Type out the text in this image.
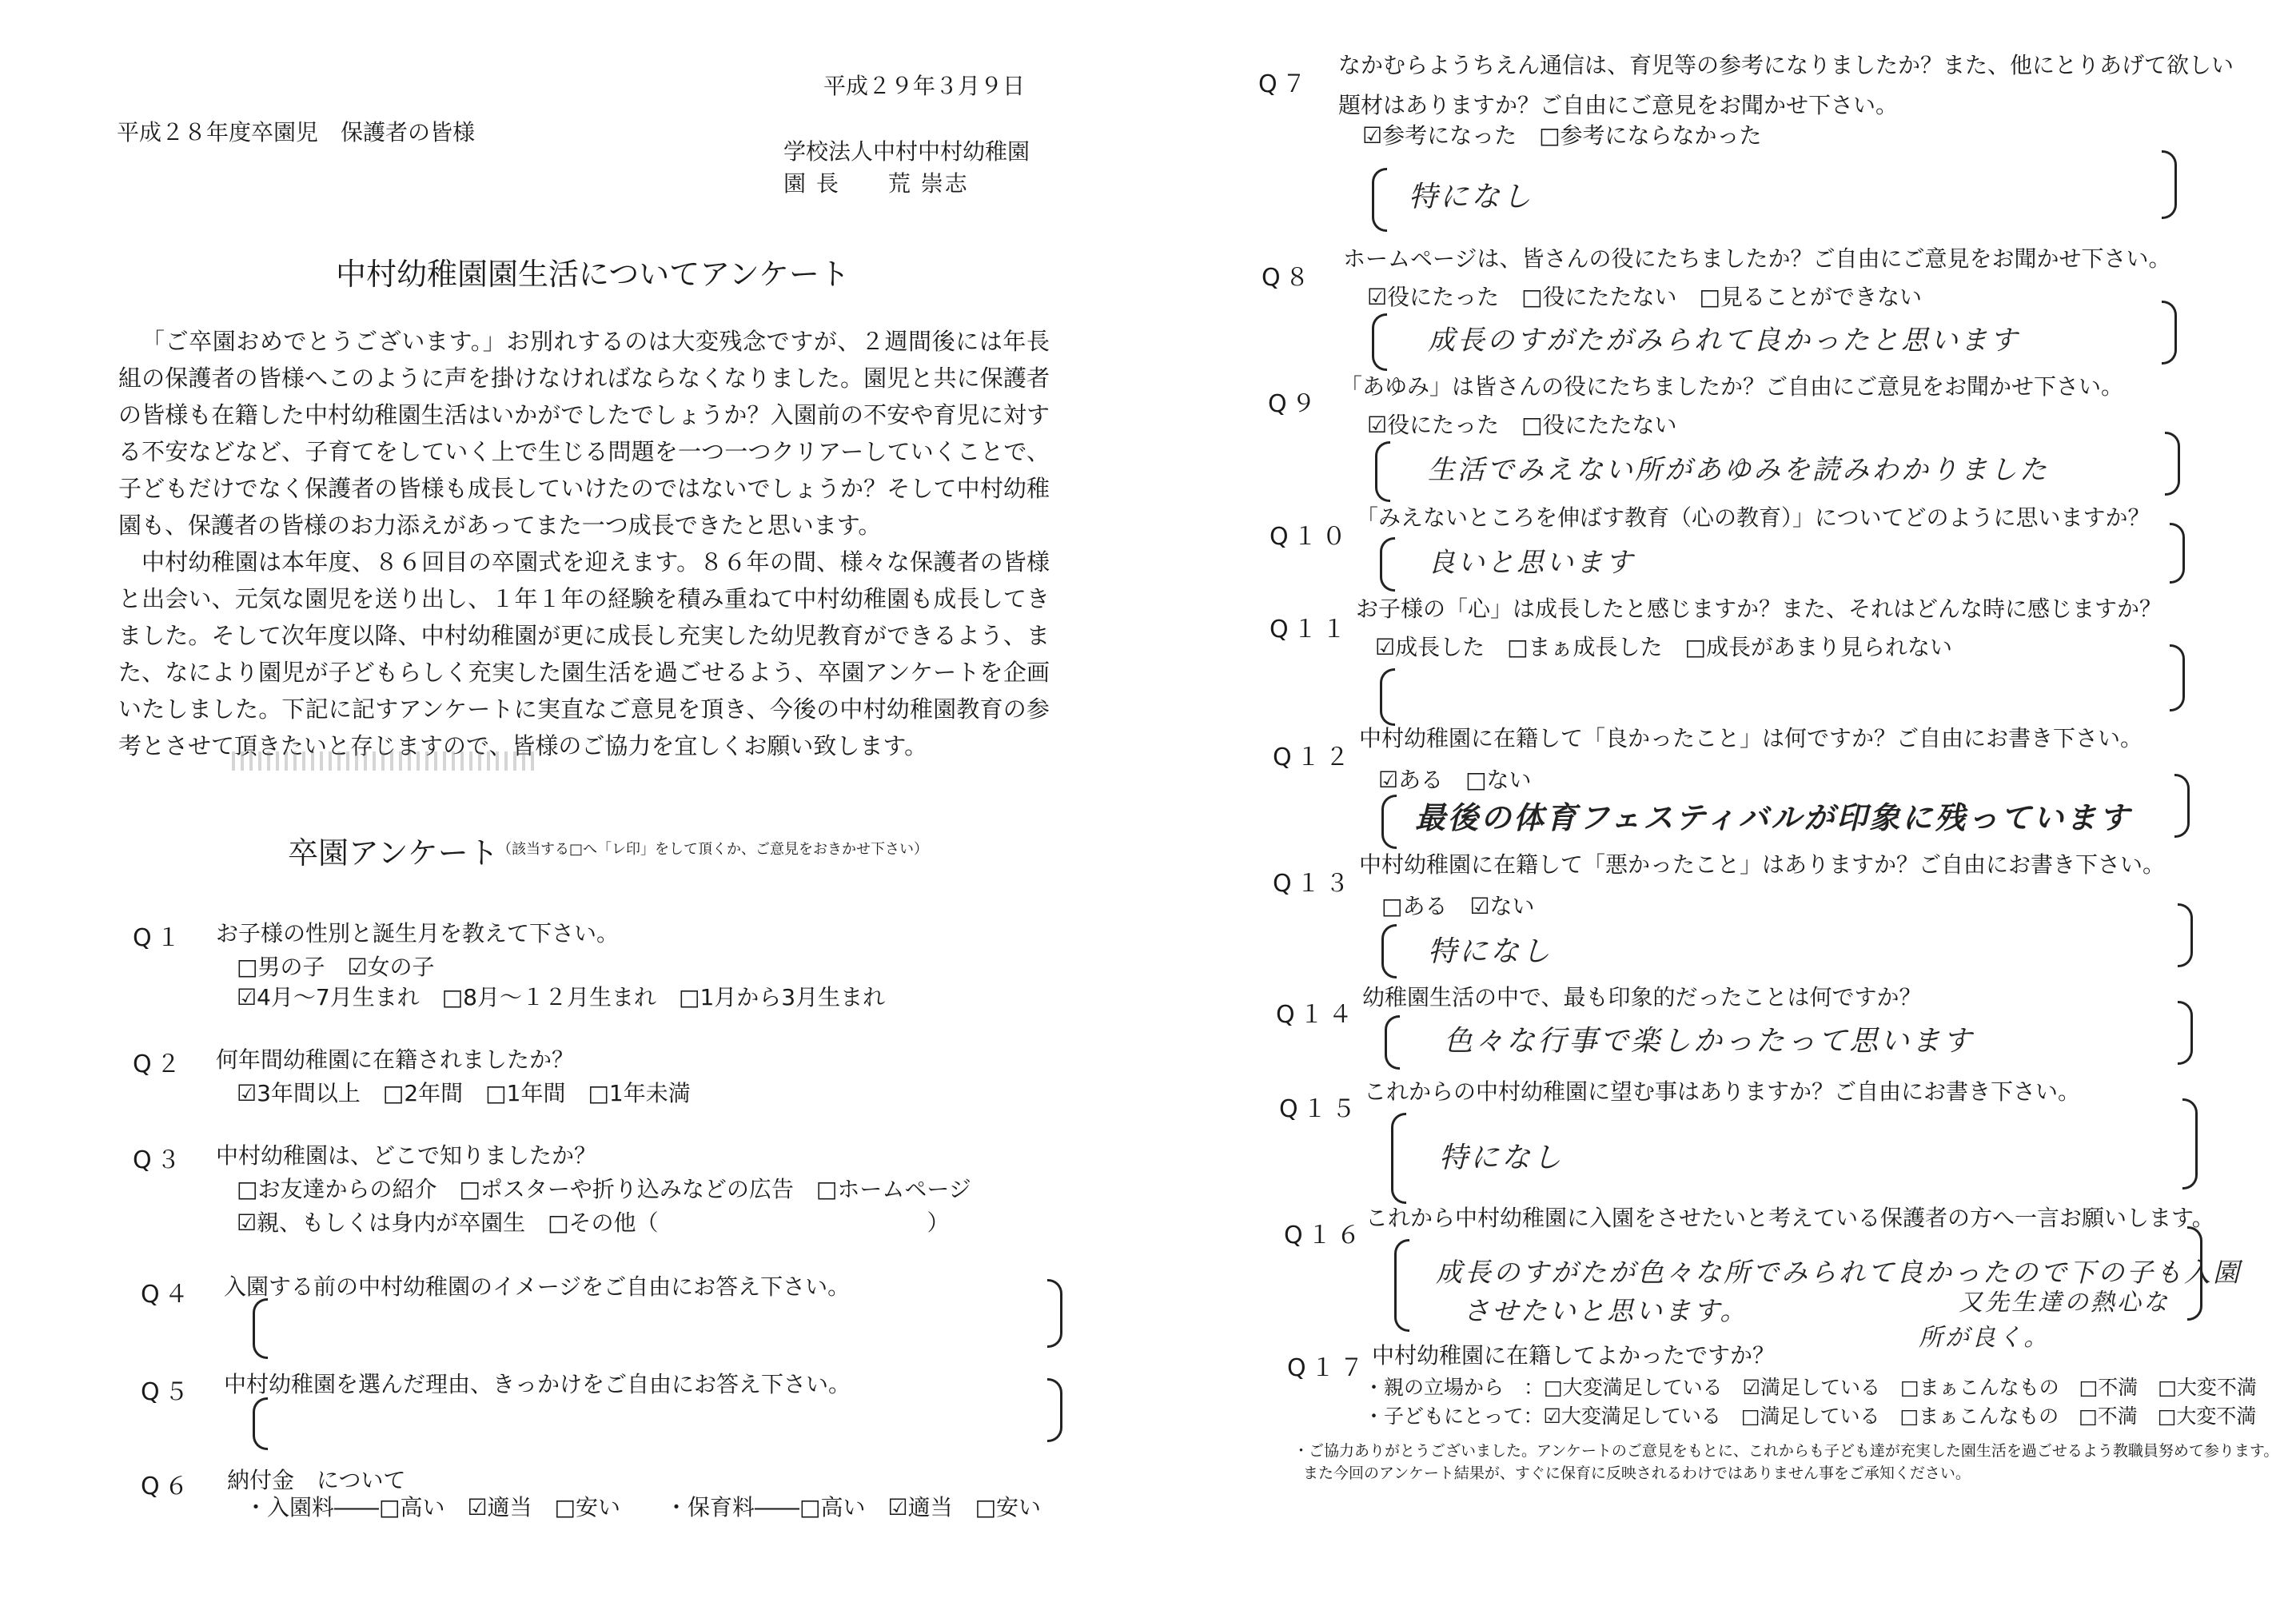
平成２９年３月９日
平成２８年度卒園児　保護者の皆様
学校法人中村中村幼稚園
園 長　　荒 崇志
中村幼稚園園生活についてアンケート

「ご卒園おめでとうございます。」お別れするのは大変残念ですが、２週間後には年長組の保護者の皆様へこのように声を掛けなければならなくなりました。園児と共に保護者の皆様も在籍した中村幼稚園生活はいかがでしたでしょうか？入園前の不安や育児に対する不安などなど、子育てをしていく上で生じる問題を一つ一つクリアーしていくことで、子どもだけでなく保護者の皆様も成長していけたのではないでしょうか？そして中村幼稚園も、保護者の皆様のお力添えがあってまた一つ成長できたと思います。

中村幼稚園は本年度、８６回目の卒園式を迎えます。８６年の間、様々な保護者の皆様と出会い、元気な園児を送り出し、１年１年の経験を積み重ねて中村幼稚園も成長してきました。そして次年度以降、中村幼稚園が更に成長し充実した幼児教育ができるよう、また、なにより園児が子どもらしく充実した園生活を過ごせるよう、卒園アンケートを企画いたしました。下記に記すアンケートに実直なご意見を頂き、今後の中村幼稚園教育の参考とさせて頂きたいと存じますので、皆様のご協力を宜しくお願い致します。

卒園アンケート
（該当する□へ「レ印」をして頂くか、ご意見をおきかせ下さい）
Q１ お子様の性別と誕生月を教えて下さい。
□男の子　☑女の子
☑4月～7月生まれ　□8月～１２月生まれ　□1月から3月生まれ
Q２ 何年間幼稚園に在籍されましたか？
☑3年間以上　□2年間　□1年間　□1年未満
Q３ 中村幼稚園は、どこで知りましたか？
□お友達からの紹介　□ポスターや折り込みなどの広告　□ホームページ
☑親、もしくは身内が卒園生　□その他（　　　　　　　　　　　　）
Q４ 入園する前の中村幼稚園のイメージをご自由にお答え下さい。
Q５ 中村幼稚園を選んだ理由、きっかけをご自由にお答え下さい。
Q６ 納付金　について
・入園料――□高い　☑適当　□安い　　・保育料――□高い　☑適当　□安い
Q７
なかむらようちえん通信は、育児等の参考になりましたか？また、他にとりあげて欲しい
題材はありますか？ご自由にご意見をお聞かせ下さい。
☑参考になった　□参考にならなかった
特になし
Q８
ホームページは、皆さんの役にたちましたか？ご自由にご意見をお聞かせ下さい。
☑役にたった　□役にたたない　□見ることができない
成長のすがたがみられて良かったと思います
Q９
「あゆみ」は皆さんの役にたちましたか？ご自由にご意見をお聞かせ下さい。
☑役にたった　□役にたたない
生活でみえない所があゆみを読みわかりました
Q１０
「みえないところを伸ばす教育（心の教育）」についてどのように思いますか？
良いと思います
Q１１
お子様の「心」は成長したと感じますか？また、それはどんな時に感じますか？
☑成長した　□まぁ成長した　□成長があまり見られない
Q１２
中村幼稚園に在籍して「良かったこと」は何ですか？ご自由にお書き下さい。
☑ある　□ない
最後の体育フェスティバルが印象に残っています
Q１３
中村幼稚園に在籍して「悪かったこと」はありますか？ご自由にお書き下さい。
□ある　☑ない
特になし
Q１４
幼稚園生活の中で、最も印象的だったことは何ですか？
色々な行事で楽しかったって思います
Q１５
これからの中村幼稚園に望む事はありますか？ご自由にお書き下さい。
特になし
Q１６
これから中村幼稚園に入園をさせたいと考えている保護者の方へ一言お願いします。
成長のすがたが色々な所でみられて良かったので下の子も入園
させたいと思います。	又先生達の熱心な
所が良く。
Q１７ 中村幼稚園に在籍してよかったですか？
・親の立場から　：□大変満足している　☑満足している　□まぁこんなもの　□不満　□大変不満
・子どもにとって：☑大変満足している　□満足している　□まぁこんなもの　□不満　□大変不満
・ご協力ありがとうございました。アンケートのご意見をもとに、これからも子ども達が充実した園生活を過ごせるよう教職員努めて参ります。
また今回のアンケート結果が、すぐに保育に反映されるわけではありません事をご承知ください。
